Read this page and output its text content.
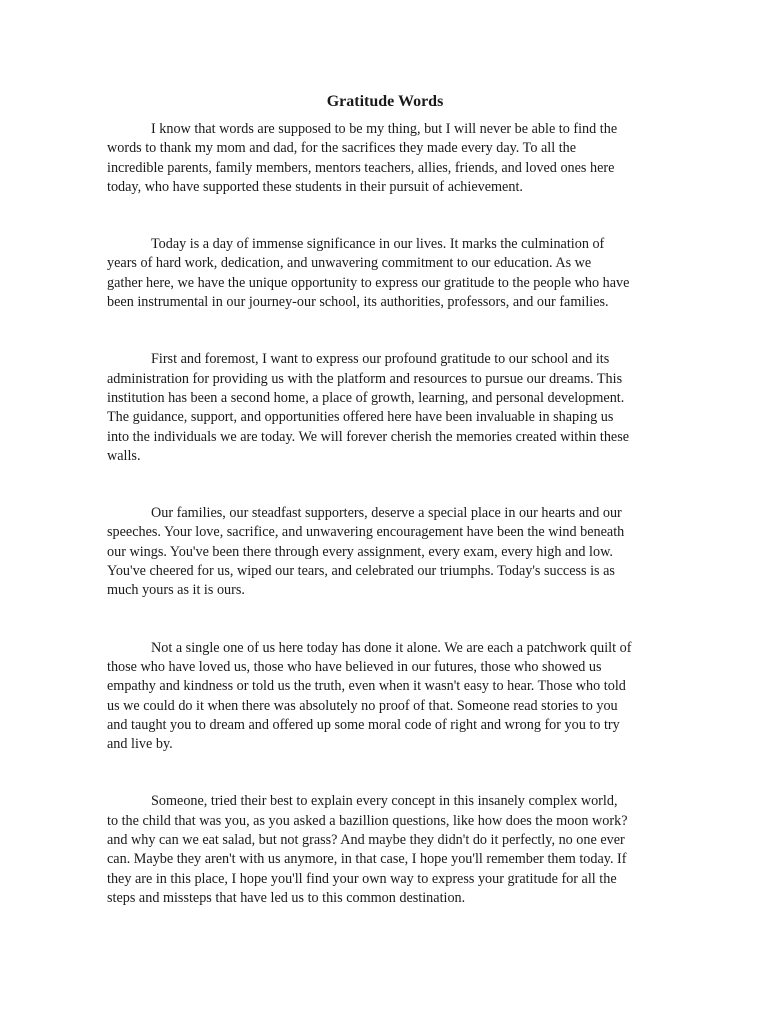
Gratitude Words
I know that words are supposed to be my thing, but I will never be able to find the
words to thank my mom and dad, for the sacrifices they made every day. To all the
incredible parents, family members, mentors teachers, allies, friends, and loved ones here
today, who have supported these students in their pursuit of achievement.
Today is a day of immense significance in our lives. It marks the culmination of
years of hard work, dedication, and unwavering commitment to our education. As we
gather here, we have the unique opportunity to express our gratitude to the people who have
been instrumental in our journey-our school, its authorities, professors, and our families.
First and foremost, I want to express our profound gratitude to our school and its
administration for providing us with the platform and resources to pursue our dreams. This
institution has been a second home, a place of growth, learning, and personal development.
The guidance, support, and opportunities offered here have been invaluable in shaping us
into the individuals we are today. We will forever cherish the memories created within these
walls.
Our families, our steadfast supporters, deserve a special place in our hearts and our
speeches. Your love, sacrifice, and unwavering encouragement have been the wind beneath
our wings. You've been there through every assignment, every exam, every high and low.
You've cheered for us, wiped our tears, and celebrated our triumphs. Today's success is as
much yours as it is ours.
Not a single one of us here today has done it alone. We are each a patchwork quilt of
those who have loved us, those who have believed in our futures, those who showed us
empathy and kindness or told us the truth, even when it wasn't easy to hear. Those who told
us we could do it when there was absolutely no proof of that. Someone read stories to you
and taught you to dream and offered up some moral code of right and wrong for you to try
and live by.
Someone, tried their best to explain every concept in this insanely complex world,
to the child that was you, as you asked a bazillion questions, like how does the moon work?
and why can we eat salad, but not grass? And maybe they didn't do it perfectly, no one ever
can. Maybe they aren't with us anymore, in that case, I hope you'll remember them today. If
they are in this place, I hope you'll find your own way to express your gratitude for all the
steps and missteps that have led us to this common destination.
